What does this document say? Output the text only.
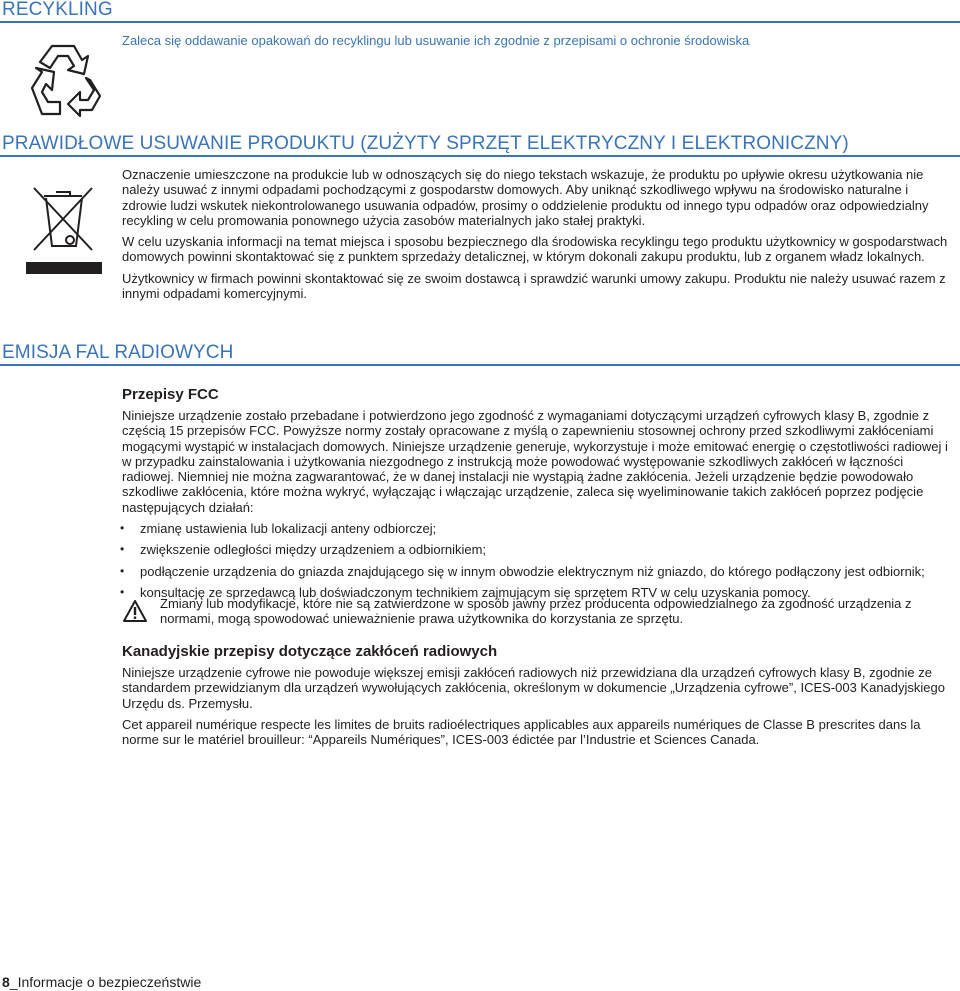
RECYKLING
Zaleca się oddawanie opakowań do recyklingu lub usuwanie ich zgodnie z przepisami o ochronie środowiska
PRAWIDŁOWE USUWANIE PRODUKTU (ZUŻYTY SPRZĘT ELEKTRYCZNY I ELEKTRONICZNY)

Oznaczenie umieszczone na produkcie lub w odnoszących się do niego tekstach wskazuje, że produktu po upływie okresu użytkowania nie należy usuwać z innymi odpadami pochodzącymi z gospodarstw domowych. Aby uniknąć szkodliwego wpływu na środowisko naturalne i zdrowie ludzi wskutek niekontrolowanego usuwania odpadów, prosimy o oddzielenie produktu od innego typu odpadów oraz odpowiedzialny recykling w celu promowania ponownego użycia zasobów materialnych jako stałej praktyki.

W celu uzyskania informacji na temat miejsca i sposobu bezpiecznego dla środowiska recyklingu tego produktu użytkownicy w gospodarstwach domowych powinni skontaktować się z punktem sprzedaży detalicznej, w którym dokonali zakupu produktu, lub z organem władz lokalnych.

Użytkownicy w firmach powinni skontaktować się ze swoim dostawcą i sprawdzić warunki umowy zakupu. Produktu nie należy usuwać razem z innymi odpadami komercyjnymi.

EMISJA FAL RADIOWYCH
Przepisy FCC

Niniejsze urządzenie zostało przebadane i potwierdzono jego zgodność z wymaganiami dotyczącymi urządzeń cyfrowych klasy B, zgodnie z częścią 15 przepisów FCC. Powyższe normy zostały opracowane z myślą o zapewnieniu stosownej ochrony przed szkodliwymi zakłóceniami mogącymi wystąpić w instalacjach domowych. Niniejsze urządzenie generuje, wykorzystuje i może emitować energię o częstotliwości radiowej i w przypadku zainstalowania i użytkowania niezgodnego z instrukcją może powodować występowanie szkodliwych zakłóceń w łączności radiowej. Niemniej nie można zagwarantować, że w danej instalacji nie wystąpią żadne zakłócenia. Jeżeli urządzenie będzie powodowało szkodliwe zakłócenia, które można wykryć, wyłączając i włączając urządzenie, zaleca się wyeliminowanie takich zakłóceń poprzez podjęcie następujących działań:

• zmianę ustawienia lub lokalizacji anteny odbiorczej;
• zwiększenie odległości między urządzeniem a odbiornikiem;
• podłączenie urządzenia do gniazda znajdującego się w innym obwodzie elektrycznym niż gniazdo, do którego podłączony jest odbiornik;
• konsultację ze sprzedawcą lub doświadczonym technikiem zajmującym się sprzętem RTV w celu uzyskania pomocy.
Zmiany lub modyfikacje, które nie są zatwierdzone w sposób jawny przez producenta odpowiedzialnego za zgodność urządzenia z normami, mogą spowodować unieważnienie prawa użytkownika do korzystania ze sprzętu.
Kanadyjskie przepisy dotyczące zakłóceń radiowych

Niniejsze urządzenie cyfrowe nie powoduje większej emisji zakłóceń radiowych niż przewidziana dla urządzeń cyfrowych klasy B, zgodnie ze standardem przewidzianym dla urządzeń wywołujących zakłócenia, określonym w dokumencie „Urządzenia cyfrowe”, ICES-003 Kanadyjskiego Urzędu ds. Przemysłu.

Cet appareil numérique respecte les limites de bruits radioélectriques applicables aux appareils numériques de Classe B prescrites dans la norme sur le matériel brouilleur: “Appareils Numériques”, ICES-003 édictée par l’Industrie et Sciences Canada.

8_Informacje o bezpieczeństwie
